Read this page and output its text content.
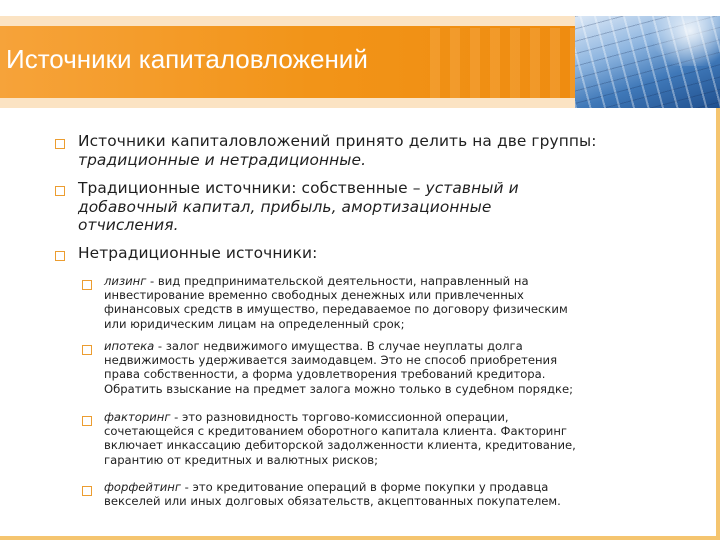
Источники капиталовложений
Источники капиталовложений принято делить на две группы:
традиционные и нетрадиционные.
Традиционные источники: собственные – уставный и
добавочный капитал, прибыль, амортизационные
отчисления.
Нетрадиционные источники:
лизинг - вид предпринимательской деятельности, направленный на
инвестирование временно свободных денежных или привлеченных
финансовых средств в имущество, передаваемое по договору физическим
или юридическим лицам на определенный срок;
ипотека - залог недвижимого имущества. В случае неуплаты долга
недвижимость удерживается заимодавцем. Это не способ приобретения
права собственности, а форма удовлетворения требований кредитора.
Обратить взыскание на предмет залога можно только в судебном порядке;
факторинг - это разновидность торгово-комиссионной операции,
сочетающейся с кредитованием оборотного капитала клиента. Факторинг
включает инкассацию дебиторской задолженности клиента, кредитование,
гарантию от кредитных и валютных рисков;
форфейтинг - это кредитование операций в форме покупки у продавца
векселей или иных долговых обязательств, акцептованных покупателем.
